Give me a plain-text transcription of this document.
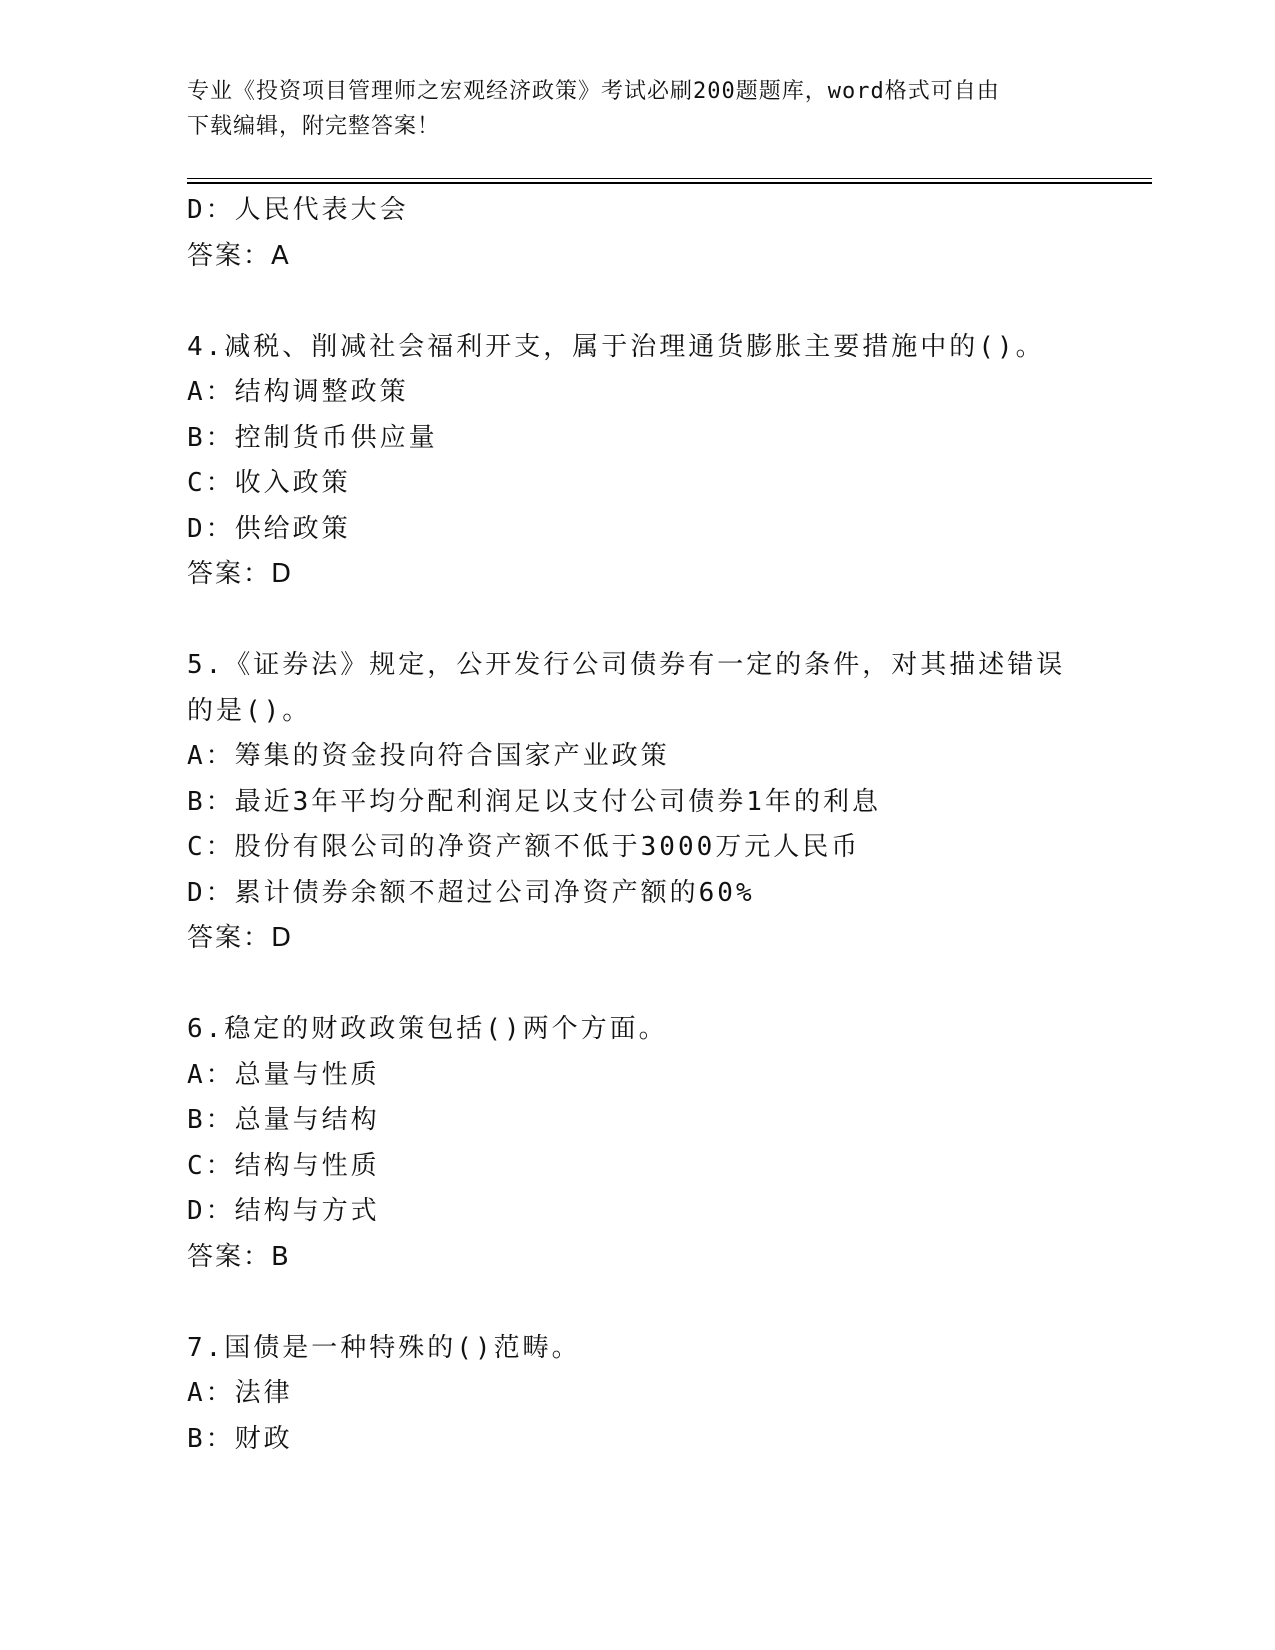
专业《投资项目管理师之宏观经济政策》考试必刷200题题库，word格式可自由
下载编辑，附完整答案！
D：人民代表大会
答案：A
4.减税、削减社会福利开支，属于治理通货膨胀主要措施中的()。
A：结构调整政策
B：控制货币供应量
C：收入政策
D：供给政策
答案：D
5.《证券法》规定，公开发行公司债券有一定的条件，对其描述错误
的是()。
A：筹集的资金投向符合国家产业政策
B：最近3年平均分配利润足以支付公司债券1年的利息
C：股份有限公司的净资产额不低于3000万元人民币
D：累计债券余额不超过公司净资产额的60%
答案：D
6.稳定的财政政策包括()两个方面。
A：总量与性质
B：总量与结构
C：结构与性质
D：结构与方式
答案：B
7.国债是一种特殊的()范畴。
A：法律
B：财政
